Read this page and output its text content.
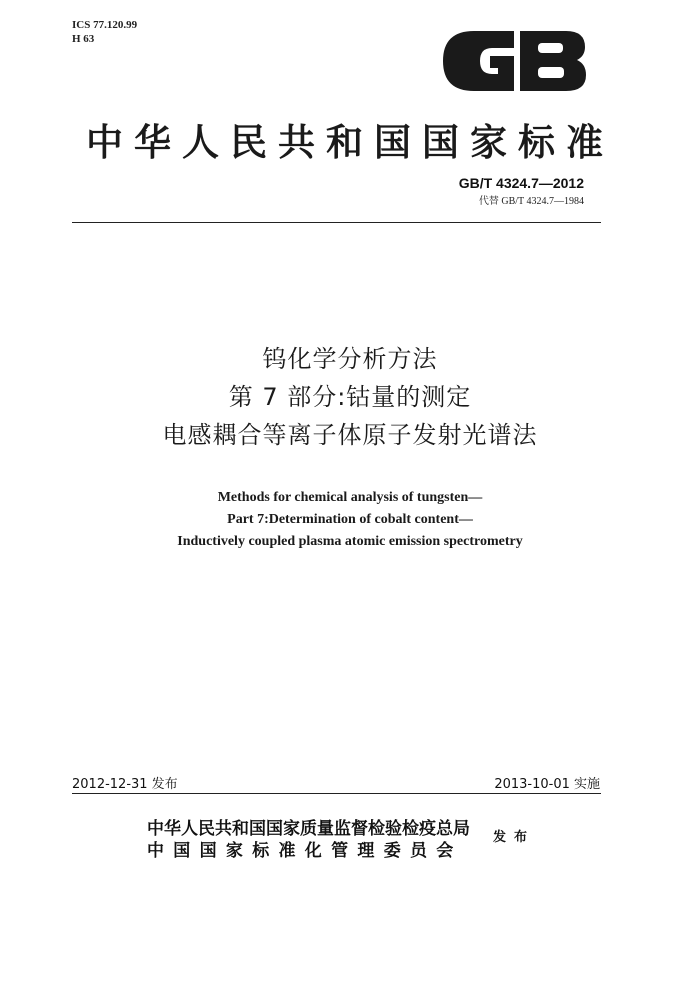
ICS 77.120.99
H 63
中华人民共和国国家标准
GB/T 4324.7—2012
代替 GB/T 4324.7—1984
钨化学分析方法
第 7 部分:钴量的测定
电感耦合等离子体原子发射光谱法
Methods for chemical analysis of tungsten—
Part 7:Determination of cobalt content—
Inductively coupled plasma atomic emission spectrometry
2012-12-31 发布	2013-10-01 实施
中华人民共和国国家质量监督检验检疫总局
中国国家标准化管理委员会
发布
